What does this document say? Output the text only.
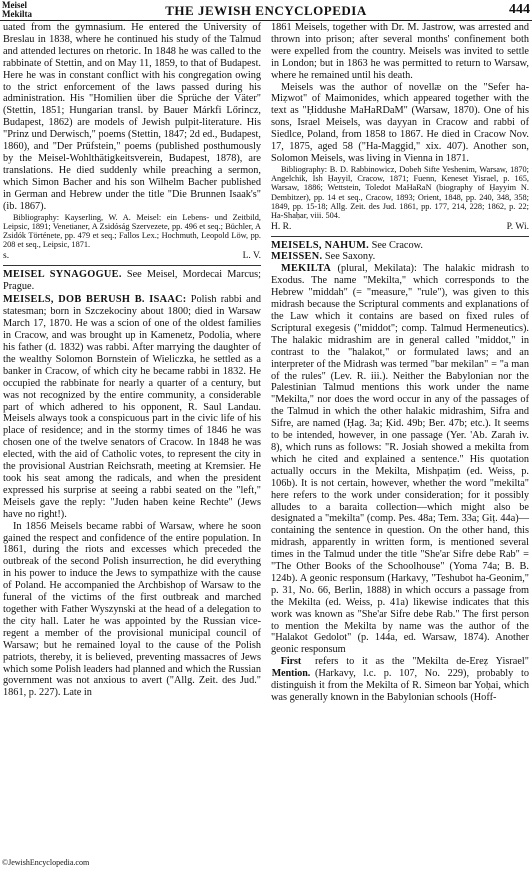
Meisel
Mekilta	THE JEWISH ENCYCLOPEDIA	444

uated from the gymnasium. He entered the University of Breslau in 1838, where he continued his study of the Talmud and attended lectures on rhetoric. In 1848 he was called to the rabbinate of Stettin, and on May 11, 1859, to that of Budapest. Here he was in constant conflict with his congregation owing to the strict enforcement of the laws passed during his administration. His "Homilien über die Sprüche der Väter" (Stettin, 1851; Hungarian transl. by Bauer Márkfi Lőrincz, Budapest, 1862) are models of Jewish pulpit-literature. His "Prinz und Derwisch," poems (Stettin, 1847; 2d ed., Budapest, 1860), and "Der Prüfstein," poems (published posthumously by the Meisel-Wohlthätigkeitsverein, Budapest, 1878), are translations. He died suddenly while preaching a sermon, which Simon Bacher and his son Wilhelm Bacher published in German and Hebrew under the title "Die Brunnen Isaak's" (ib. 1867).

Bibliography: Kayserling, W. A. Meisel: ein Lebens- und Zeitbild, Leipsic, 1891; Venetianer, A Zsidóság Szervezete, pp. 496 et seq.; Büchler, A Zsidók Története, pp. 479 et seq.; Fallos Lex.; Hochmuth, Leopold Löw, pp. 208 et seq., Leipsic, 1871.

s.	L. V.

MEISEL SYNAGOGUE. See Meisel, Mordecai Marcus; Prague.

MEISELS, DOB BERUSH B. ISAAC: Polish rabbi and statesman; born in Szczekociny about 1800; died in Warsaw March 17, 1870. He was a scion of one of the oldest families in Cracow, and was brought up in Kamenetz, Podolia, where his father (d. 1832) was rabbi. After marrying the daughter of the wealthy Solomon Bornstein of Wieliczka, he settled as a banker in Cracow, of which city he became rabbi in 1832. He occupied the rabbinate for nearly a quarter of a century, but was not recognized by the entire community, a considerable part of which adhered to his opponent, R. Saul Landau. Meisels always took a conspicuous part in the civic life of his place of residence; and in the stormy times of 1846 he was chosen one of the twelve senators of Cracow. In 1848 he was elected, with the aid of Catholic votes, to represent the city in the provisional Austrian Reichsrath, meeting at Kremsier. He took his seat among the radicals, and when the president expressed his surprise at seeing a rabbi seated on the "left," Meisels gave the reply: "Juden haben keine Rechte" (Jews have no right!).

In 1856 Meisels became rabbi of Warsaw, where he soon gained the respect and confidence of the entire population. In 1861, during the riots and excesses which preceded the outbreak of the second Polish insurrection, he did everything in his power to induce the Jews to sympathize with the cause of Poland. He accompanied the Archbishop of Warsaw to the funeral of the victims of the first outbreak and marched together with Father Wyszynski at the head of a delegation to the city hall. Later he was appointed by the Russian vice-regent a member of the provisional municipal council of Warsaw; but he remained loyal to the cause of the Polish patriots, thereby, it is believed, preventing massacres of Jews which some Polish leaders had planned and which the Russian government was not anxious to avert ("Allg. Zeit. des Jud." 1861, p. 227). Late in

1861 Meisels, together with Dr. M. Jastrow, was arrested and thrown into prison; after several months' confinement both were expelled from the country. Meisels was invited to settle in London; but in 1863 he was permitted to return to Warsaw, where he remained until his death.

Meisels was the author of novellæ on the "Sefer ha-Miẓwot" of Maimonides, which appeared together with the text as "Ḥiddushe MaHaRDaM" (Warsaw, 1870). One of his sons, Israel Meisels, was dayyan in Cracow and rabbi of Siedlce, Poland, from 1858 to 1867. He died in Cracow Nov. 17, 1875, aged 58 ("Ha-Maggid," xix. 407). Another son, Solomon Meisels, was living in Vienna in 1871.

Bibliography: B. D. Rabbinowicz, Dobeh Sifte Yeshenim, Warsaw, 1870; Angelchik, Ish Ḥayyil, Cracow, 1871; Fuenn, Keneset Yisrael, p. 165, Warsaw, 1886; Wettstein, Toledot MaHaRaN (biography of Ḥayyim N. Dembitzer), pp. 14 et seq., Cracow, 1893; Orient, 1848, pp. 240, 348, 358; 1849, pp. 15-18; Allg. Zeit. des Jud. 1861, pp. 177, 214, 228; 1862, p. 22; Ha-Shaḥar, viii. 504.

H. R.	P. Wi.

MEISELS, NAHUM. See Cracow.

MEISSEN. See Saxony.

MEKILTA (plural, Mekilata): The halakic midrash to Exodus. The name "Mekilta," which corresponds to the Hebrew "middah" (= "measure," "rule"), was given to this midrash because the Scriptural comments and explanations of the Law which it contains are based on fixed rules of Scriptural exegesis ("middot"; comp. Talmud Hermeneutics). The halakic midrashim are in general called "middot," in contrast to the "halakot," or formulated laws; and an interpreter of the Midrash was termed "bar mekilan" = "a man of the rules" (Lev. R. iii.). Neither the Babylonian nor the Palestinian Talmud mentions this work under the name "Mekilta," nor does the word occur in any of the passages of the Talmud in which the other halakic midrashim, Sifra and Sifre, are named (Ḥag. 3a; Ḳid. 49b; Ber. 47b; etc.). It seems to be intended, however, in one passage (Yer. 'Ab. Zarah iv. 8), which runs as follows: "R. Josiah showed a mekilta from which he cited and explained a sentence." His quotation actually occurs in the Mekilta, Mishpaṭim (ed. Weiss, p. 106b). It is not certain, however, whether the word "mekilta" here refers to the work under consideration; for it possibly alludes to a baraita collection—which might also be designated a "mekilta" (comp. Pes. 48a; Tem. 33a; Giṭ. 44a)—containing the sentence in question. On the other hand, this midrash, apparently in written form, is mentioned several times in the Talmud under the title "She'ar Sifre debe Rab" = "The Other Books of the Schoolhouse" (Yoma 74a; B. B. 124b). A geonic responsum (Harkavy, "Teshubot ha-Geonim," p. 31, No. 66, Berlin, 1888) in which occurs a passage from the Mekilta (ed. Weiss, p. 41a) likewise indicates that this work was known as "She'ar Sifre debe Rab." The first person to mention the Mekilta by name was the author of the "Halakot Gedolot" (p. 144a, ed. Warsaw, 1874). Another geonic responsum

First
Mention.

refers to it as the "Mekilta de-Ereẓ Yisrael" (Harkavy, l.c. p. 107, No. 229), probably to distinguish it from the Mekilta of R. Simeon bar Yoḥai, which was generally known in the Babylonian schools (Hoff-

©JewishEncyclopedia.com
